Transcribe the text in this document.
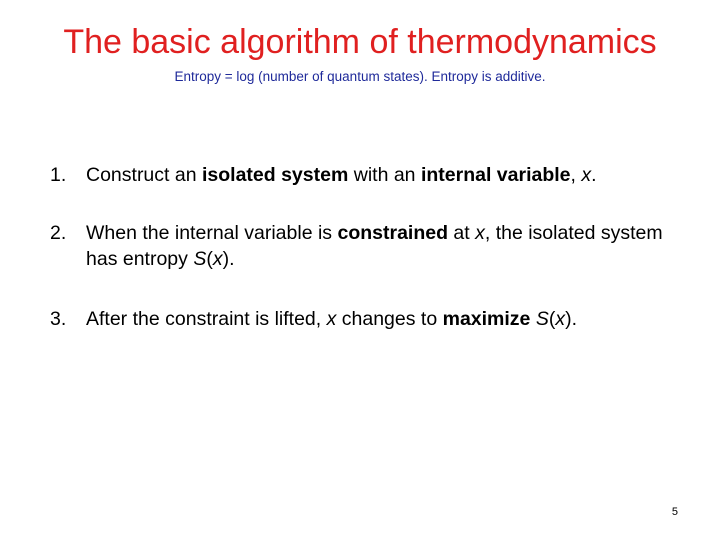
The basic algorithm of thermodynamics
Entropy = log (number of quantum states). Entropy is additive.
1. Construct an isolated system with an internal variable, x.
2. When the internal variable is constrained at x, the isolated system has entropy S(x).
3. After the constraint is lifted, x changes to maximize S(x).
5
